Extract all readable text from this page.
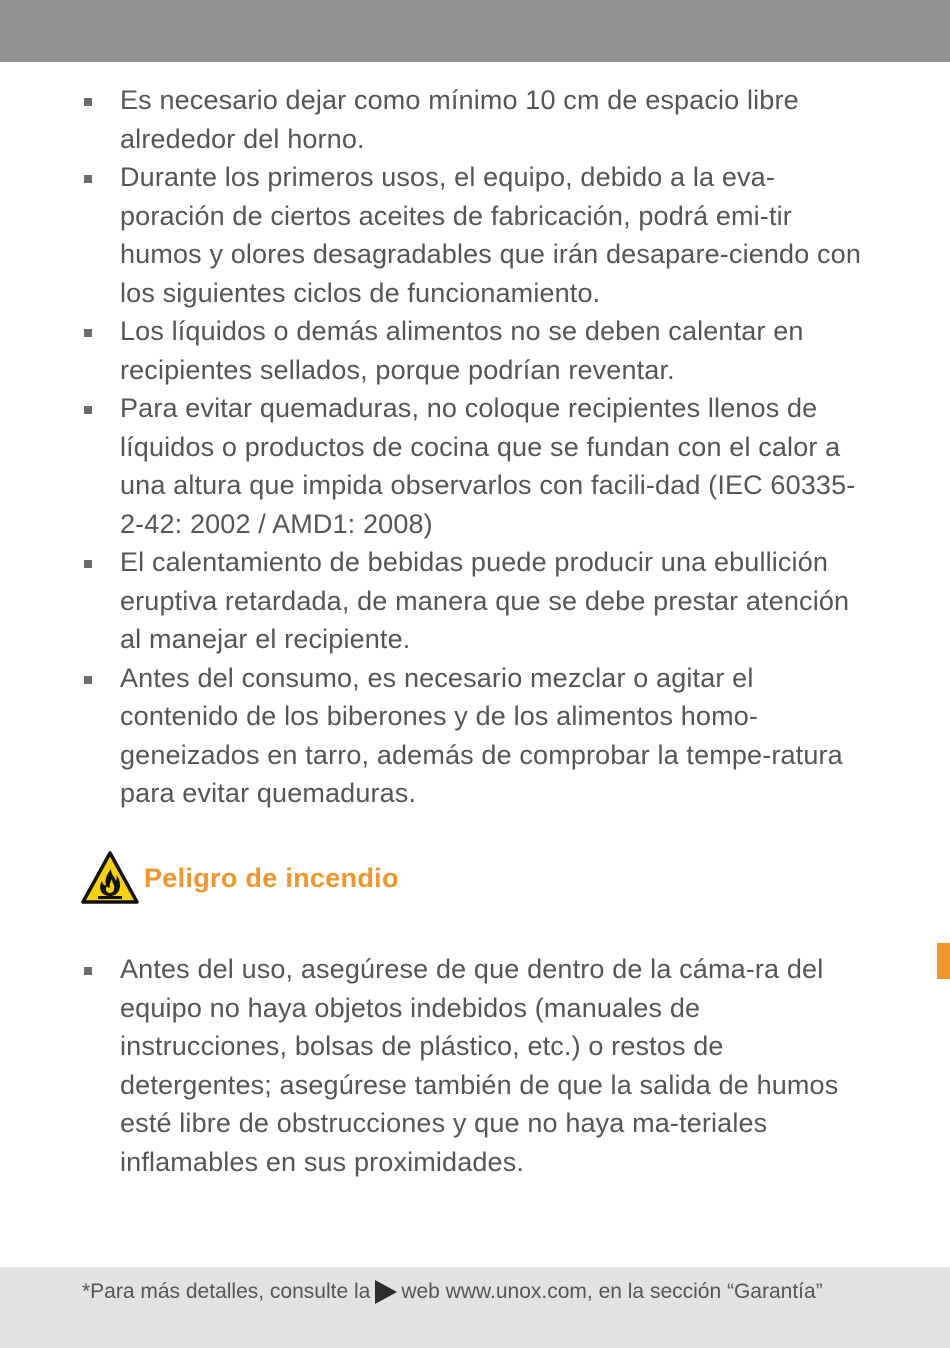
Es necesario dejar como mínimo 10 cm de espacio libre alrededor del horno.
Durante los primeros usos, el equipo, debido a la eva-poración de ciertos aceites de fabricación, podrá emi-tir humos y olores desagradables que irán desapare-ciendo con los siguientes ciclos de funcionamiento.
Los líquidos o demás alimentos no se deben calentar en recipientes sellados, porque podrían reventar.
Para evitar quemaduras, no coloque recipientes llenos de líquidos o productos de cocina que se fundan con el calor a una altura que impida observarlos con facili-dad (IEC 60335-2-42: 2002 / AMD1: 2008)
El calentamiento de bebidas puede producir una ebullición eruptiva retardada, de manera que se debe prestar atención al manejar el recipiente.
Antes del consumo, es necesario mezclar o agitar el contenido de los biberones y de los alimentos homo-geneizados en tarro, además de comprobar la tempe-ratura para evitar quemaduras.
Peligro de incendio
Antes del uso, asegúrese de que dentro de la cáma-ra del equipo no haya objetos indebidos (manuales de instrucciones, bolsas de plástico, etc.) o restos de detergentes; asegúrese también de que la salida de humos esté libre de obstrucciones y que no haya ma-teriales inflamables en sus proximidades.
*Para más detalles, consulte la web www.unox.com, en la sección “Garantía”
